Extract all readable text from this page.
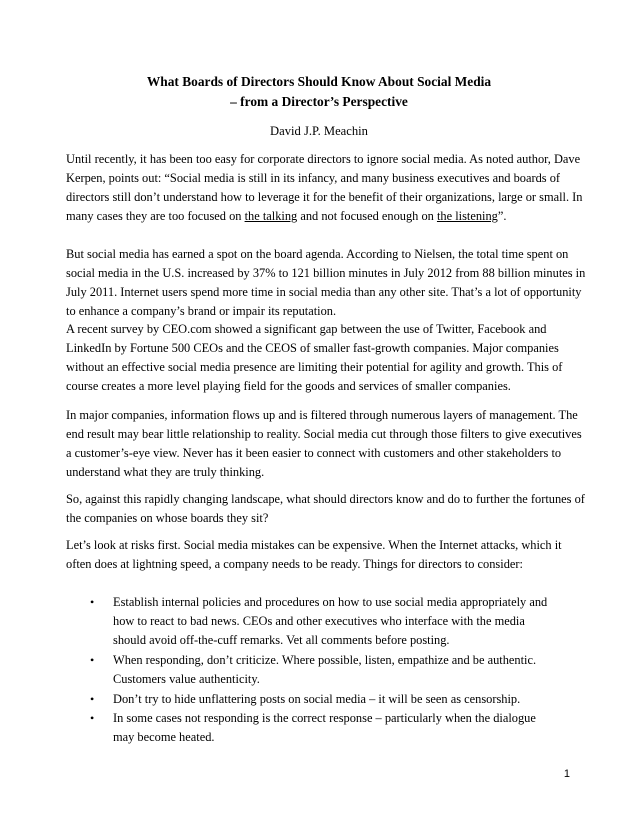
What Boards of Directors Should Know About Social Media
– from a Director’s Perspective
David J.P. Meachin
Until recently, it has been too easy for corporate directors to ignore social media. As noted author, Dave Kerpen, points out: “Social media is still in its infancy, and many business executives and boards of directors still don’t understand how to leverage it for the benefit of their organizations, large or small. In many cases they are too focused on the talking and not focused enough on the listening”.
But social media has earned a spot on the board agenda. According to Nielsen, the total time spent on social media in the U.S. increased by 37% to 121 billion minutes in July 2012 from 88 billion minutes in July 2011. Internet users spend more time in social media than any other site. That’s a lot of opportunity to enhance a company’s brand or impair its reputation.
A recent survey by CEO.com showed a significant gap between the use of Twitter, Facebook and LinkedIn by Fortune 500 CEOs and the CEOS of smaller fast-growth companies. Major companies without an effective social media presence are limiting their potential for agility and growth. This of course creates a more level playing field for the goods and services of smaller companies.
In major companies, information flows up and is filtered through numerous layers of management. The end result may bear little relationship to reality. Social media cut through those filters to give executives a customer’s-eye view. Never has it been easier to connect with customers and other stakeholders to understand what they are truly thinking.
So, against this rapidly changing landscape, what should directors know and do to further the fortunes of the companies on whose boards they sit?
Let’s look at risks first. Social media mistakes can be expensive. When the Internet attacks, which it often does at lightning speed, a company needs to be ready. Things for directors to consider:
• Establish internal policies and procedures on how to use social media appropriately and how to react to bad news. CEOs and other executives who interface with the media should avoid off-the-cuff remarks. Vet all comments before posting.
• When responding, don’t criticize. Where possible, listen, empathize and be authentic. Customers value authenticity.
• Don’t try to hide unflattering posts on social media – it will be seen as censorship.
• In some cases not responding is the correct response – particularly when the dialogue may become heated.
1
